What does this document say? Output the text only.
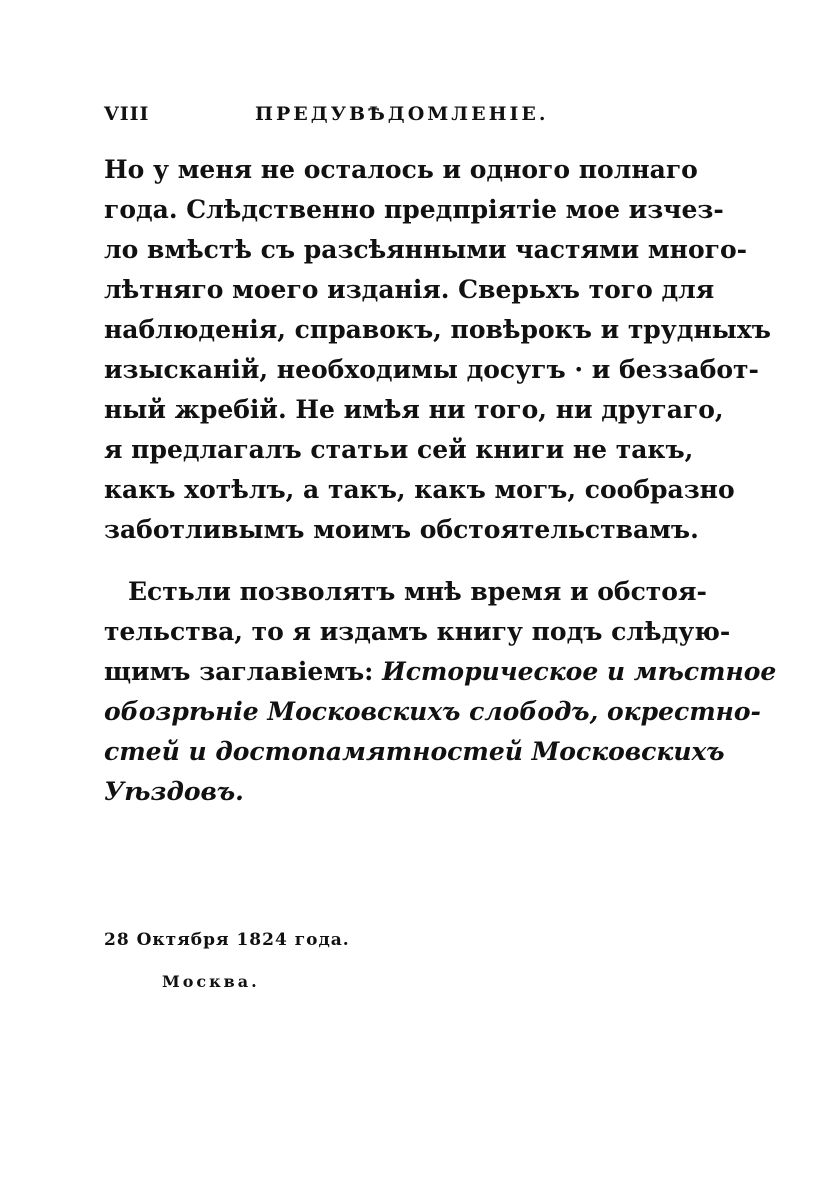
VIII	ПРЕДУВѢДОМЛЕНІЕ.
Но у меня не осталось и одного полнаго
года. Слѣдственно предпріятіе мое изчез-
ло вмѣстѣ съ разсѣянными частями много-
лѣтняго моего изданія. Сверьхъ того для
наблюденія, справокъ, повѣрокъ и трудныхъ
изысканій, необходимы досугъ · и беззабот-
ный жребій. Не имѣя ни того, ни другаго,
я предлагалъ статьи сей книги не такъ,
какъ хотѣлъ, а такъ, какъ могъ, сообразно
заботливымъ моимъ обстоятельствамъ.
Естьли позволятъ мнѣ время и обстоя-
тельства, то я издамъ книгу подъ слѣдую-
щимъ заглавіемъ: Историческое и мѣстное
обозрѣніе Московскихъ слободъ, окрестно-
стей и достопамятностей Московскихъ
Уѣздовъ.
28 Октября 1824 года.
Москва.
